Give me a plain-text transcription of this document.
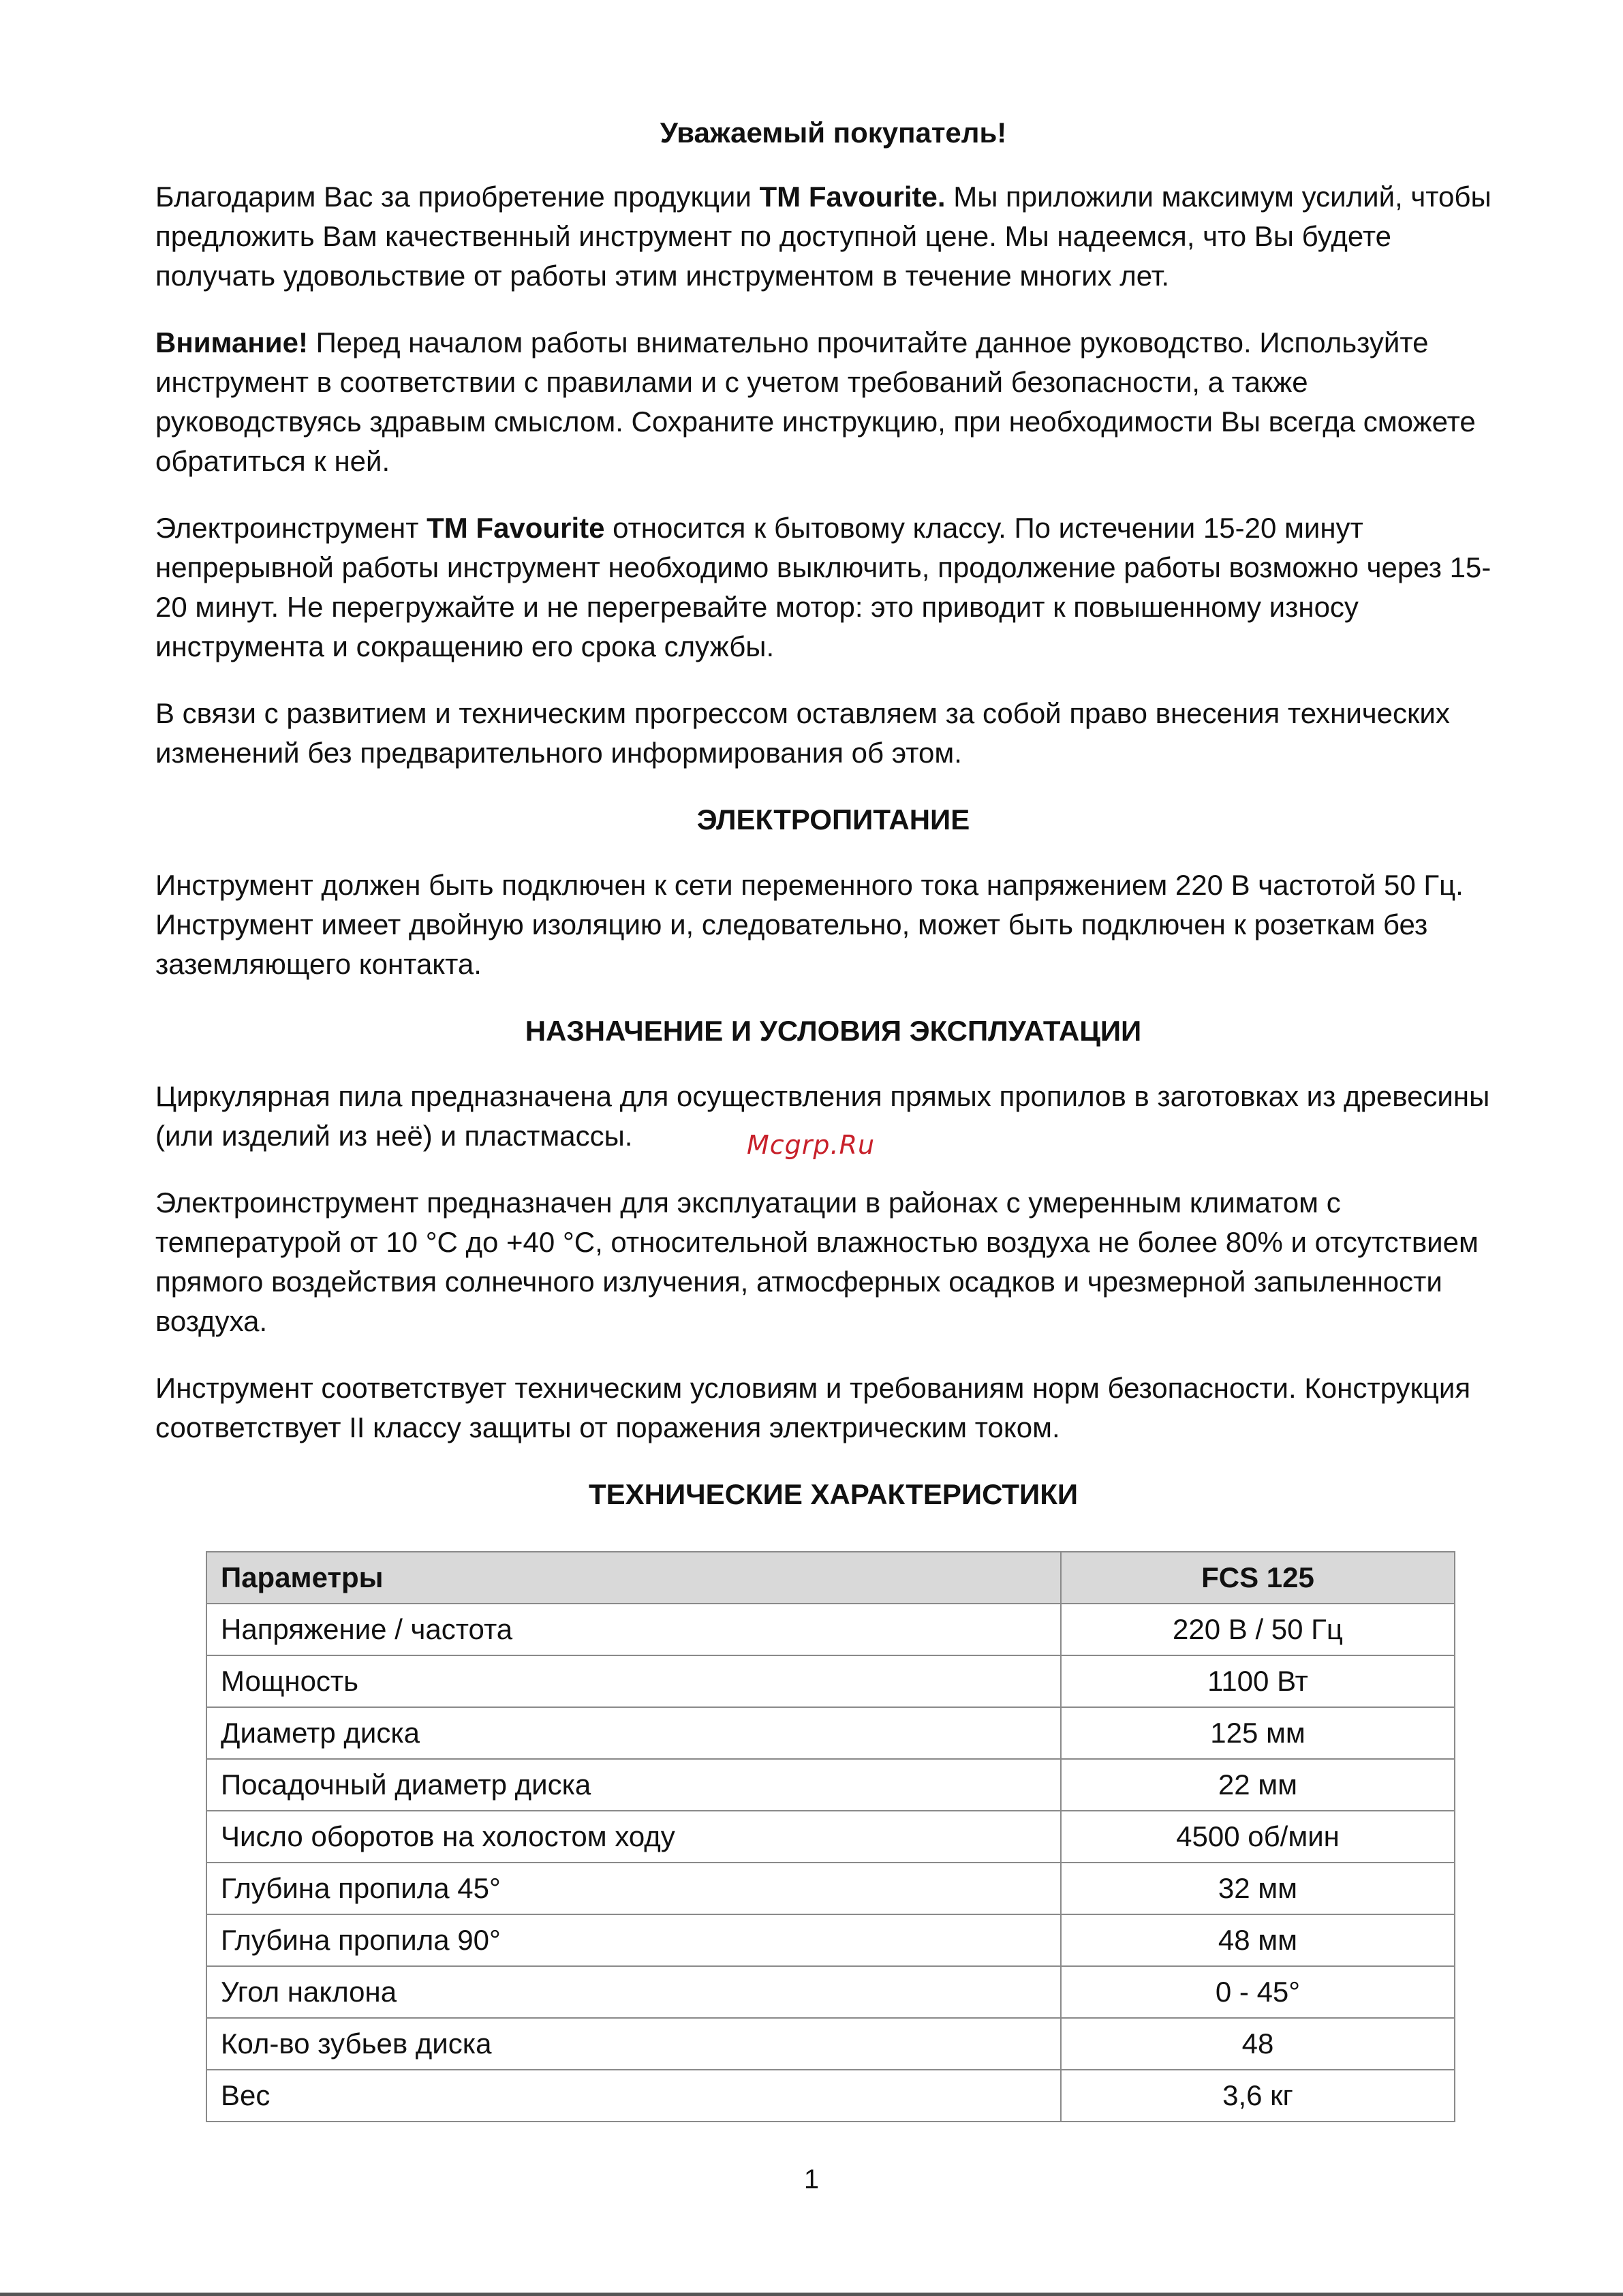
Уважаемый покупатель!

Благодарим Вас за приобретение продукции ТМ Favourite. Мы приложили максимум усилий, чтобы предложить Вам качественный инструмент по доступной цене. Мы надеемся, что Вы будете получать удовольствие от работы этим инструментом в течение многих лет.

Внимание! Перед началом работы внимательно прочитайте данное руководство. Используйте инструмент в соответствии с правилами и с учетом требований безопасности, а также руководствуясь здравым смыслом. Сохраните инструкцию, при необходимости Вы всегда сможете обратиться к ней.

Электроинструмент ТМ Favourite относится к бытовому классу. По истечении 15-20 минут непрерывной работы инструмент необходимо выключить, продолжение работы возможно через 15-20 минут. Не перегружайте и не перегревайте мотор: это приводит к повышенному износу инструмента и сокращению его срока службы.

В связи с развитием и техническим прогрессом оставляем за собой право внесения технических изменений без предварительного информирования об этом.

ЭЛЕКТРОПИТАНИЕ

Инструмент должен быть подключен к сети переменного тока напряжением 220 В частотой 50 Гц. Инструмент имеет двойную изоляцию и, следовательно, может быть подключен к розеткам без заземляющего контакта.

НАЗНАЧЕНИЕ И УСЛОВИЯ ЭКСПЛУАТАЦИИ

Циркулярная пила предназначена для осуществления прямых пропилов в заготовках из древесины (или изделий из неё) и пластмассы.

Электроинструмент предназначен для эксплуатации в районах с умеренным климатом с температурой от 10 °С до +40 °С, относительной влажностью воздуха не более 80% и отсутствием прямого воздействия солнечного излучения, атмосферных осадков и чрезмерной запыленности воздуха.

Инструмент соответствует техническим условиям и требованиям норм безопасности. Конструкция соответствует II классу защиты от поражения электрическим током.

ТЕХНИЧЕСКИЕ ХАРАКТЕРИСТИКИ
Mcgrp.Ru
Параметры	FCS 125
Напряжение / частота	220 В / 50 Гц
Мощность	1100 Вт
Диаметр диска	125 мм
Посадочный диаметр диска	22 мм
Число оборотов на холостом ходу	4500 об/мин
Глубина пропила 45°	32 мм
Глубина пропила 90°	48 мм
Угол наклона	0 - 45°
Кол-во зубьев диска	48
Вес	3,6 кг
1
